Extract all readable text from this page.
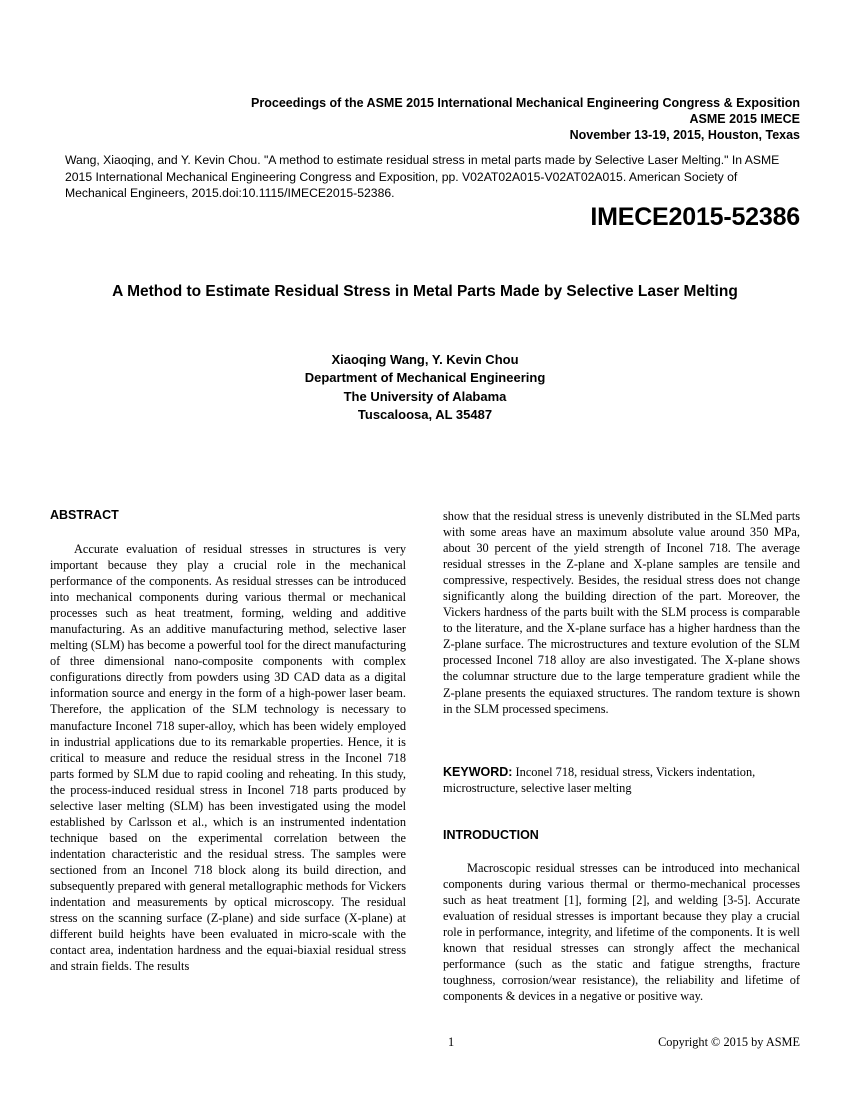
Proceedings of the ASME 2015 International Mechanical Engineering Congress & Exposition
ASME 2015 IMECE
November 13-19, 2015, Houston, Texas
Wang, Xiaoqing, and Y. Kevin Chou. "A method to estimate residual stress in metal parts made by Selective Laser Melting." In ASME 2015 International Mechanical Engineering Congress and Exposition, pp. V02AT02A015-V02AT02A015. American Society of Mechanical Engineers, 2015.doi:10.1115/IMECE2015-52386.
IMECE2015-52386
A Method to Estimate Residual Stress in Metal Parts Made by Selective Laser Melting
Xiaoqing Wang, Y. Kevin Chou
Department of Mechanical Engineering
The University of Alabama
Tuscaloosa, AL 35487
ABSTRACT

Accurate evaluation of residual stresses in structures is very important because they play a crucial role in the mechanical performance of the components. As residual stresses can be introduced into mechanical components during various thermal or mechanical processes such as heat treatment, forming, welding and additive manufacturing. As an additive manufacturing method, selective laser melting (SLM) has become a powerful tool for the direct manufacturing of three dimensional nano-composite components with complex configurations directly from powders using 3D CAD data as a digital information source and energy in the form of a high-power laser beam. Therefore, the application of the SLM technology is necessary to manufacture Inconel 718 super-alloy, which has been widely employed in industrial applications due to its remarkable properties. Hence, it is critical to measure and reduce the residual stress in the Inconel 718 parts formed by SLM due to rapid cooling and reheating. In this study, the process-induced residual stress in Inconel 718 parts produced by selective laser melting (SLM) has been investigated using the model established by Carlsson et al., which is an instrumented indentation technique based on the experimental correlation between the indentation characteristic and the residual stress. The samples were sectioned from an Inconel 718 block along its build direction, and subsequently prepared with general metallographic methods for Vickers indentation and measurements by optical microscopy. The residual stress on the scanning surface (Z-plane) and side surface (X-plane) at different build heights have been evaluated in micro-scale with the contact area, indentation hardness and the equai-biaxial residual stress and strain fields. The results

show that the residual stress is unevenly distributed in the SLMed parts with some areas have an maximum absolute value around 350 MPa, about 30 percent of the yield strength of Inconel 718. The average residual stresses in the Z-plane and X-plane samples are tensile and compressive, respectively. Besides, the residual stress does not change significantly along the building direction of the part. Moreover, the Vickers hardness of the parts built with the SLM process is comparable to the literature, and the X-plane surface has a higher hardness than the Z-plane surface. The microstructures and texture evolution of the SLM processed Inconel 718 alloy are also investigated. The X-plane shows the columnar structure due to the large temperature gradient while the Z-plane presents the equiaxed structures. The random texture is shown in the SLM processed specimens.

KEYWORD: Inconel 718, residual stress, Vickers indentation, microstructure, selective laser melting
INTRODUCTION

Macroscopic residual stresses can be introduced into mechanical components during various thermal or thermo-mechanical processes such as heat treatment [1], forming [2], and welding [3-5]. Accurate evaluation of residual stresses is important because they play a crucial role in performance, integrity, and lifetime of the components. It is well known that residual stresses can strongly affect the mechanical performance (such as the static and fatigue strengths, fracture toughness, corrosion/wear resistance), the reliability and lifetime of components & devices in a negative or positive way.

1	Copyright © 2015 by ASME
